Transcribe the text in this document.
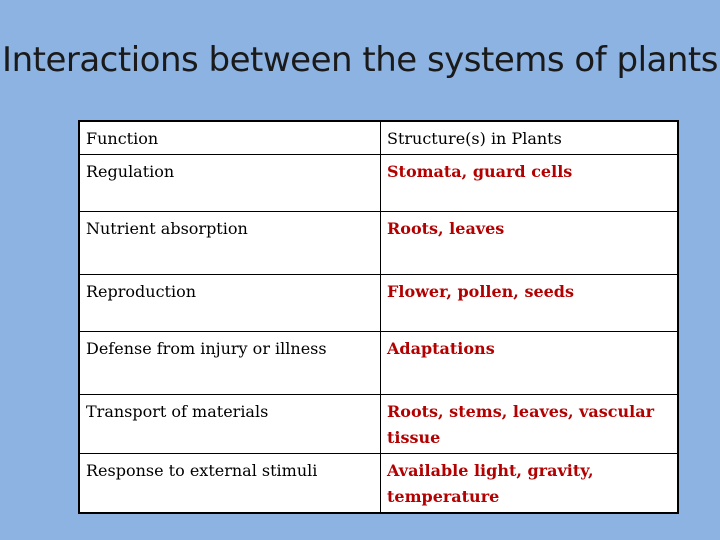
Interactions between the systems of plants
Function	Structure(s) in Plants
Regulation	Stomata, guard cells
Nutrient absorption	Roots, leaves
Reproduction	Flower, pollen, seeds
Defense from injury or illness	Adaptations
Transport of materials	Roots, stems, leaves, vascular tissue
Response to external stimuli	Available light, gravity, temperature
